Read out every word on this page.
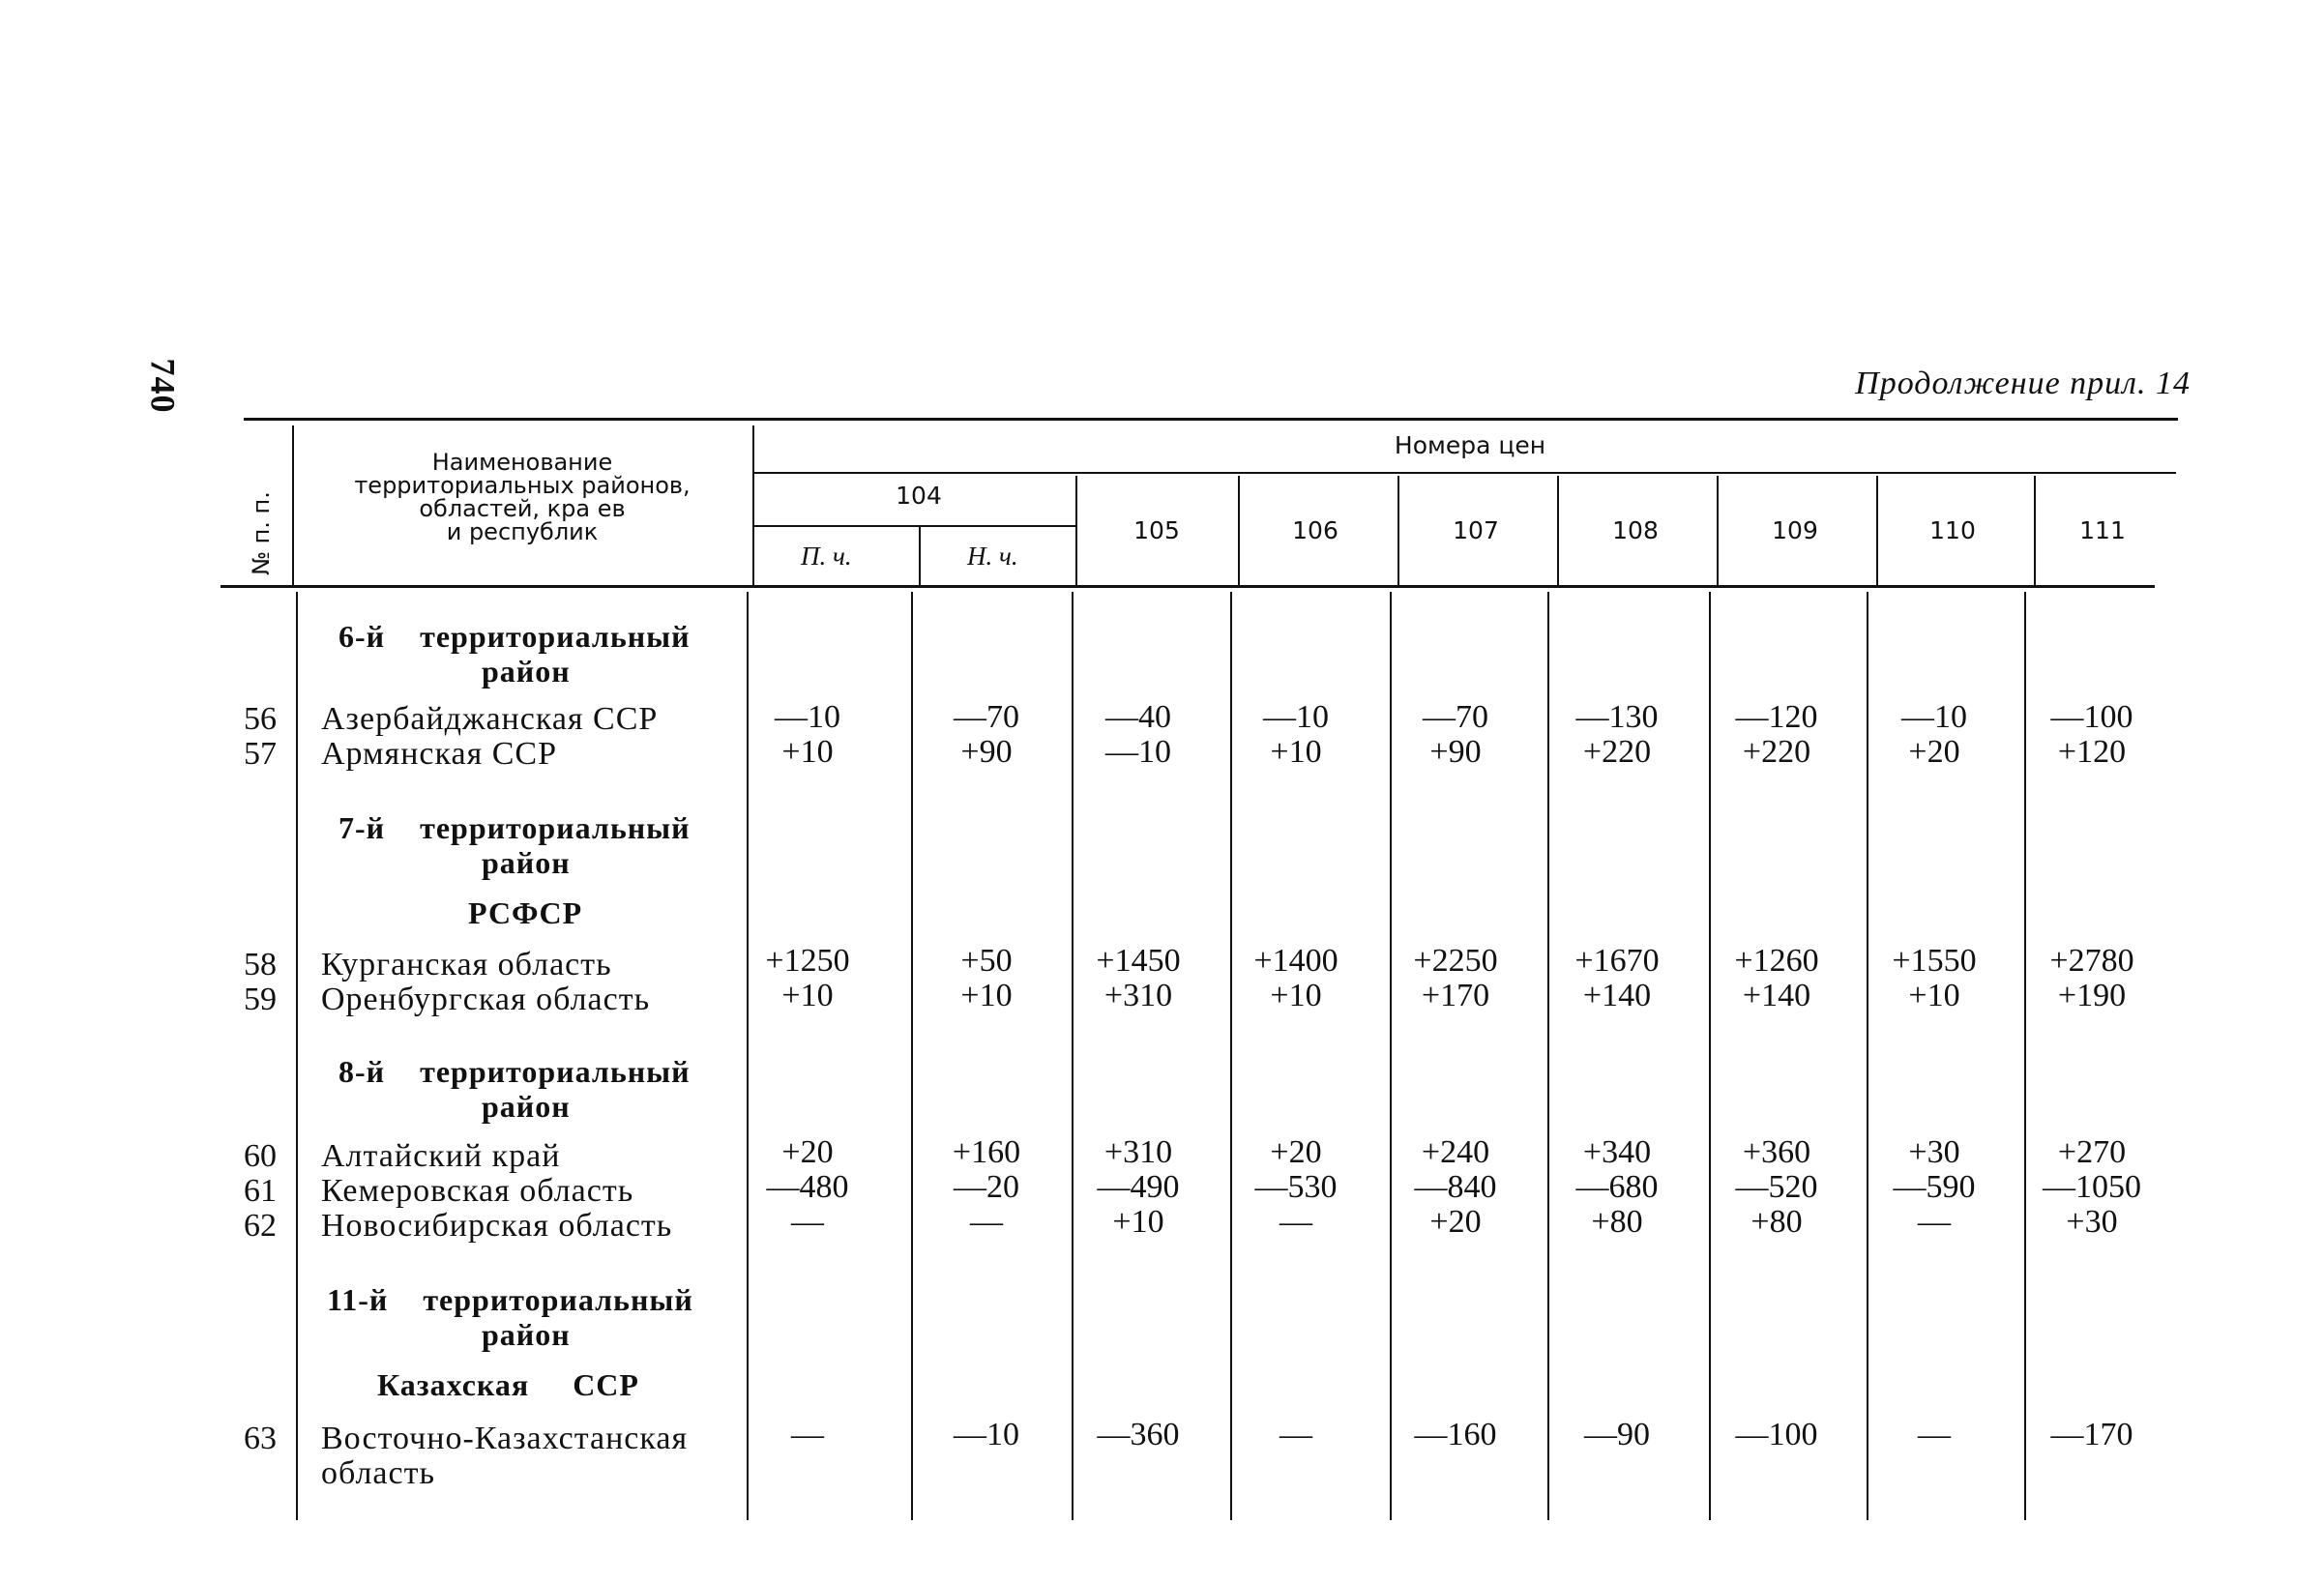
740	Продолжение прил. 14
№ п. п.
Наименование
территориальных районов,
областей, кра ев
и республик
Номера цен
104
П. ч.	Н. ч.
105	106	107	108	109	110	111
6-й    территориальный
район
7-й    территориальный
район
РСФСР
8-й    территориальный
район
11-й    территориальный
район
Казахская     ССР
56 Азербайджанская ССР	—10	—70	—40	—10	—70	—130	—120	—10	—100
57 Армянская ССР	+10	+90	—10	+10	+90	+220	+220	+20	+120
58 Курганская область	+1250	+50	+1450	+1400	+2250	+1670	+1260	+1550	+2780
59 Оренбургская область	+10	+10	+310	+10	+170	+140	+140	+10	+190
60 Алтайский край	+20	+160	+310	+20	+240	+340	+360	+30	+270
61 Кемеровская область	—480	—20	—490	—530	—840	—680	—520	—590	—1050
62 Новосибирская область	—	—	+10	—	+20	+80	+80	—	+30
63 Восточно-Казахстанская
область
—	—10	—360	—	—160	—90	—100	—	—170
